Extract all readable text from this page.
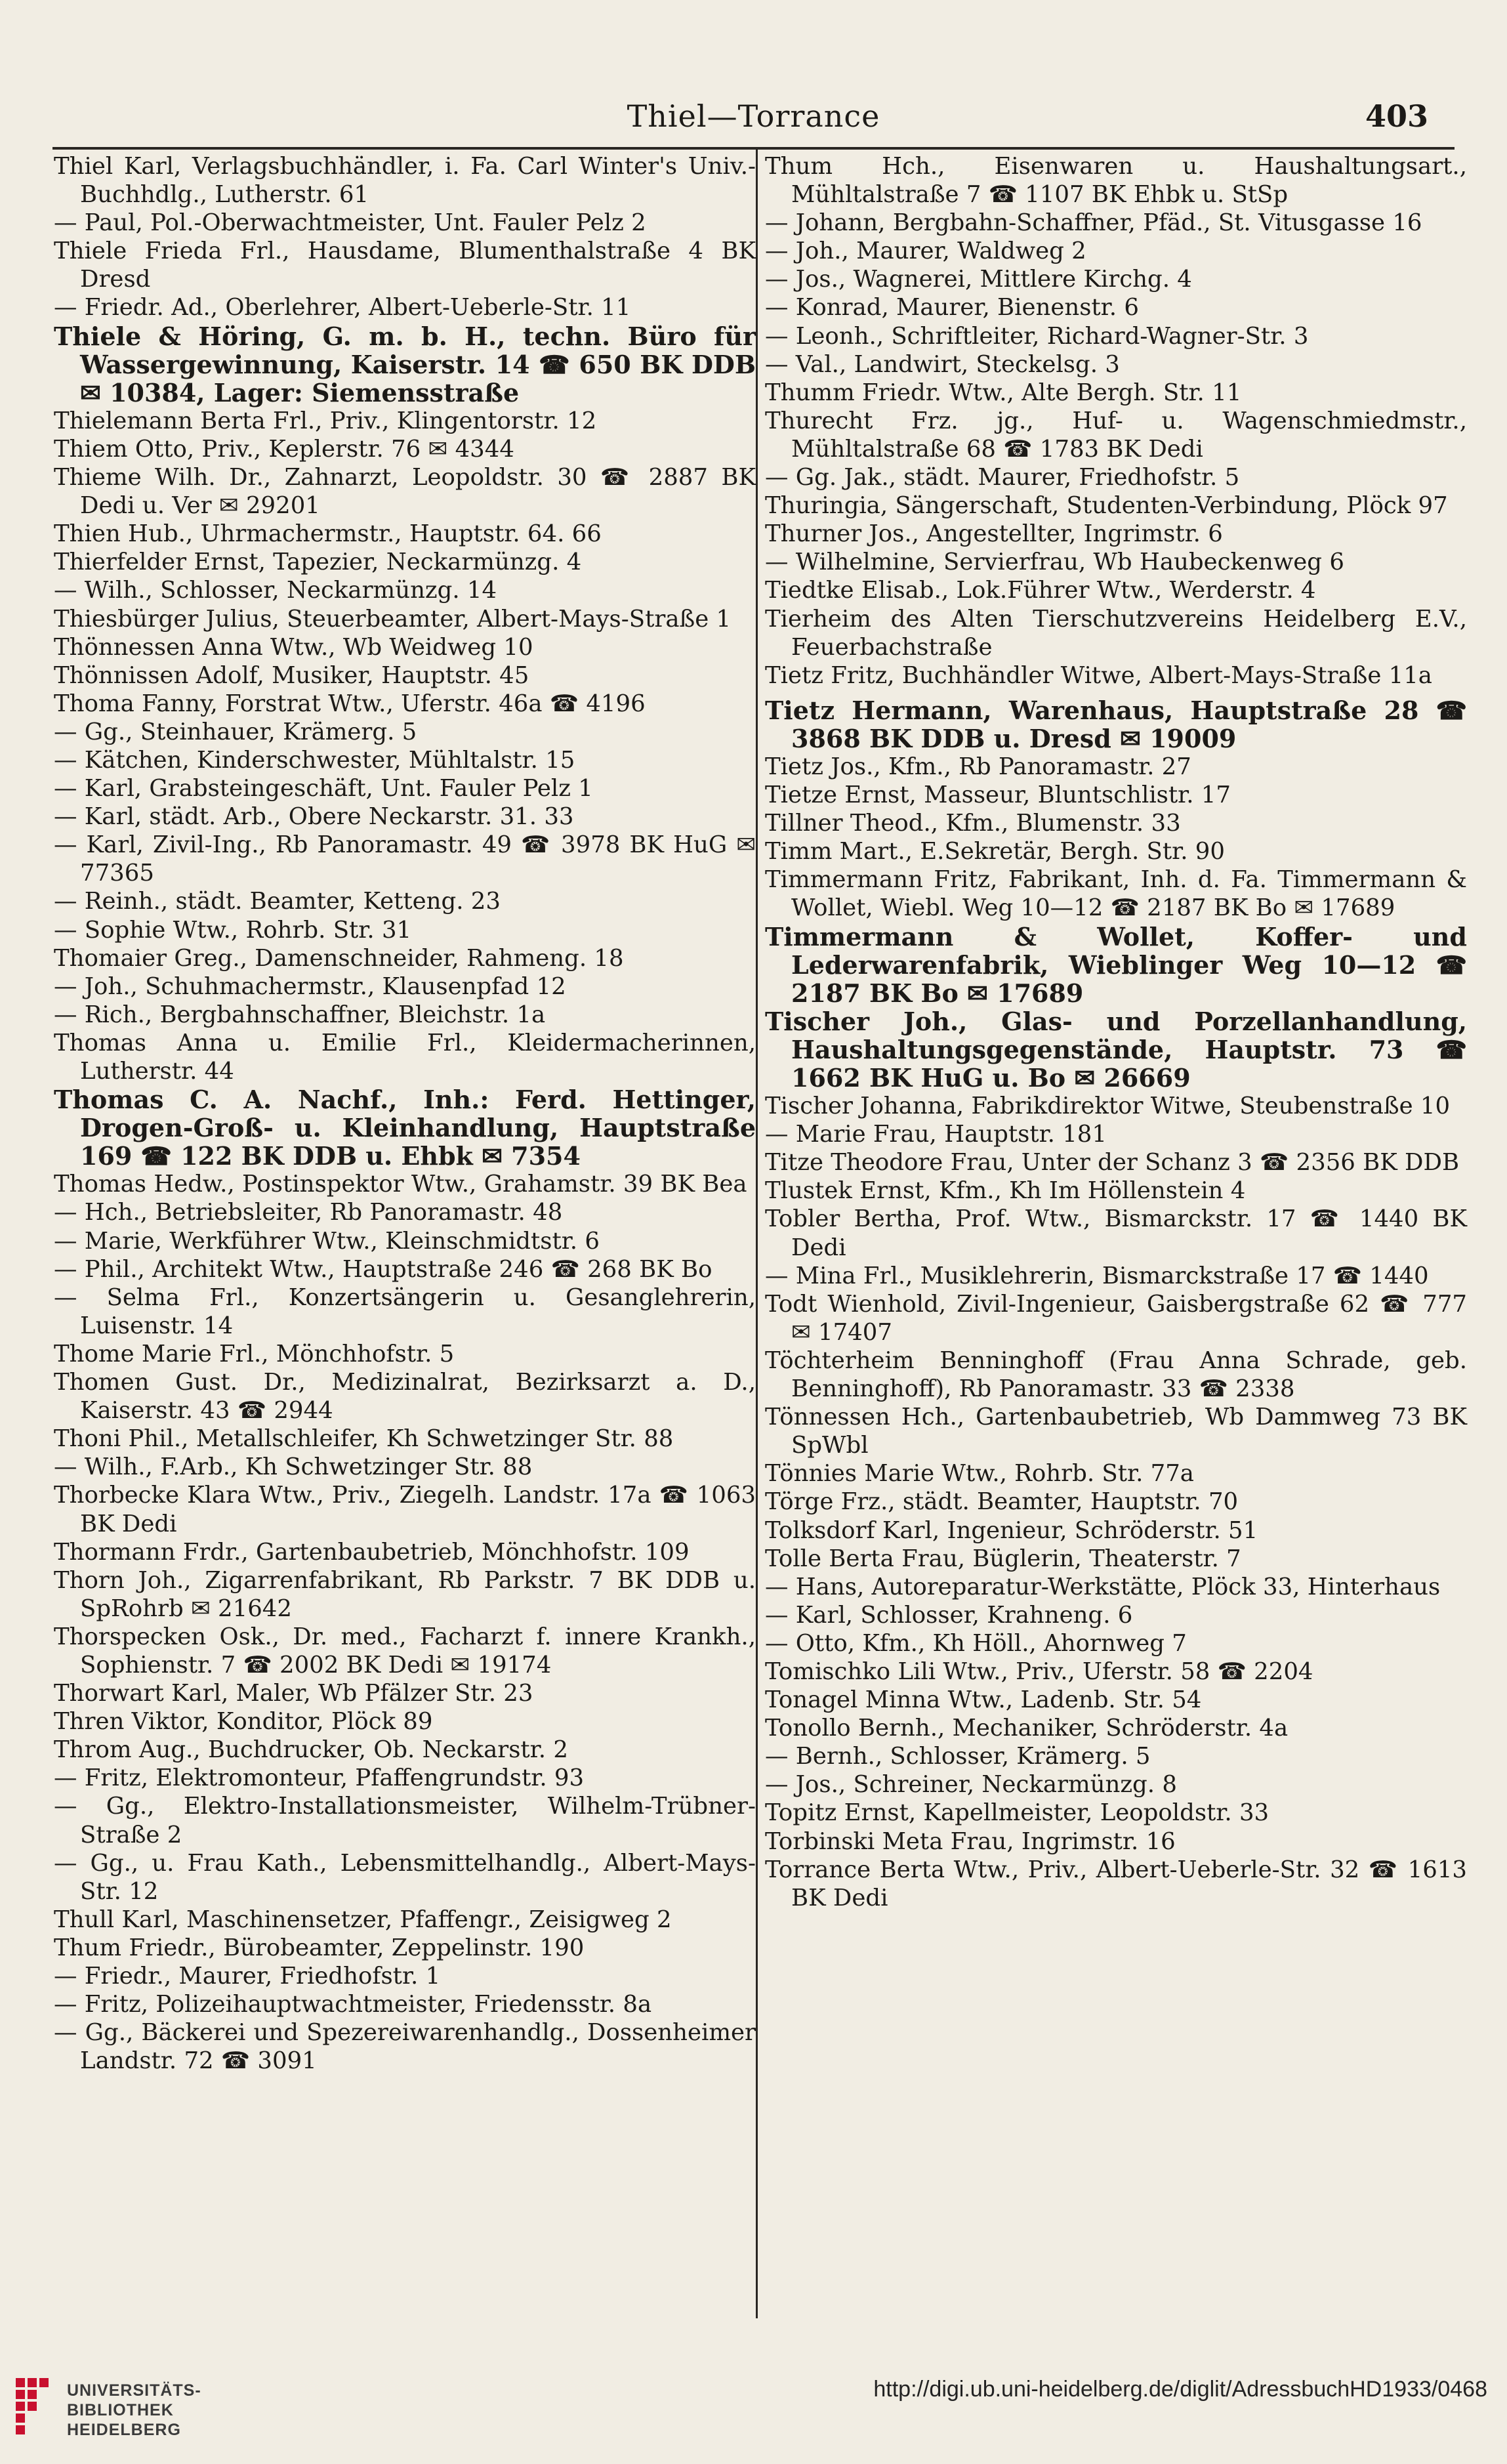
Thiel—Torrance	403
Thiel Karl, Verlagsbuchhändler, i. Fa. Carl Winter's Univ.-Buchhdlg., Lutherstr. 61
— Paul, Pol.-Oberwachtmeister, Unt. Fauler Pelz 2
Thiele Frieda Frl., Hausdame, Blumenthalstraße 4 BK Dresd
— Friedr. Ad., Oberlehrer, Albert-Ueberle-Str. 11
Thiele & Höring, G. m. b. H., techn. Büro für Wassergewinnung, Kaiserstr. 14 ☎ 650 BK DDB ✉ 10384, Lager: Siemensstraße
Thielemann Berta Frl., Priv., Klingentorstr. 12
Thiem Otto, Priv., Keplerstr. 76 ✉ 4344
Thieme Wilh. Dr., Zahnarzt, Leopoldstr. 30 ☎ 2887 BK Dedi u. Ver ✉ 29201
Thien Hub., Uhrmachermstr., Hauptstr. 64. 66
Thierfelder Ernst, Tapezier, Neckarmünzg. 4
— Wilh., Schlosser, Neckarmünzg. 14
Thiesbürger Julius, Steuerbeamter, Albert-Mays-Straße 1
Thönnessen Anna Wtw., Wb Weidweg 10
Thönnissen Adolf, Musiker, Hauptstr. 45
Thoma Fanny, Forstrat Wtw., Uferstr. 46a ☎ 4196
— Gg., Steinhauer, Krämerg. 5
— Kätchen, Kinderschwester, Mühltalstr. 15
— Karl, Grabsteingeschäft, Unt. Fauler Pelz 1
— Karl, städt. Arb., Obere Neckarstr. 31. 33
— Karl, Zivil-Ing., Rb Panoramastr. 49 ☎ 3978 BK HuG ✉ 77365
— Reinh., städt. Beamter, Ketteng. 23
— Sophie Wtw., Rohrb. Str. 31
Thomaier Greg., Damenschneider, Rahmeng. 18
— Joh., Schuhmachermstr., Klausenpfad 12
— Rich., Bergbahnschaffner, Bleichstr. 1a
Thomas Anna u. Emilie Frl., Kleidermacherinnen, Lutherstr. 44
Thomas C. A. Nachf., Inh.: Ferd. Hettinger, Drogen-Groß- u. Kleinhandlung, Hauptstraße 169 ☎ 122 BK DDB u. Ehbk ✉ 7354
Thomas Hedw., Postinspektor Wtw., Grahamstr. 39 BK Bea
— Hch., Betriebsleiter, Rb Panoramastr. 48
— Marie, Werkführer Wtw., Kleinschmidtstr. 6
— Phil., Architekt Wtw., Hauptstraße 246 ☎ 268 BK Bo
— Selma Frl., Konzertsängerin u. Gesanglehrerin, Luisenstr. 14
Thome Marie Frl., Mönchhofstr. 5
Thomen Gust. Dr., Medizinalrat, Bezirksarzt a. D., Kaiserstr. 43 ☎ 2944
Thoni Phil., Metallschleifer, Kh Schwetzinger Str. 88
— Wilh., F.Arb., Kh Schwetzinger Str. 88
Thorbecke Klara Wtw., Priv., Ziegelh. Landstr. 17a ☎ 1063 BK Dedi
Thormann Frdr., Gartenbaubetrieb, Mönchhofstr. 109
Thorn Joh., Zigarrenfabrikant, Rb Parkstr. 7 BK DDB u. SpRohrb ✉ 21642
Thorspecken Osk., Dr. med., Facharzt f. innere Krankh., Sophienstr. 7 ☎ 2002 BK Dedi ✉ 19174
Thorwart Karl, Maler, Wb Pfälzer Str. 23
Thren Viktor, Konditor, Plöck 89
Throm Aug., Buchdrucker, Ob. Neckarstr. 2
— Fritz, Elektromonteur, Pfaffengrundstr. 93
— Gg., Elektro-Installationsmeister, Wilhelm-Trübner-Straße 2
— Gg., u. Frau Kath., Lebensmittelhandlg., Albert-Mays-Str. 12
Thull Karl, Maschinensetzer, Pfaffengr., Zeisigweg 2
Thum Friedr., Bürobeamter, Zeppelinstr. 190
— Friedr., Maurer, Friedhofstr. 1
— Fritz, Polizeihauptwachtmeister, Friedensstr. 8a
— Gg., Bäckerei und Spezereiwarenhandlg., Dossenheimer Landstr. 72 ☎ 3091
Thum Hch., Eisenwaren u. Haushaltungsart., Mühltalstraße 7 ☎ 1107 BK Ehbk u. StSp
— Johann, Bergbahn-Schaffner, Pfäd., St. Vitusgasse 16
— Joh., Maurer, Waldweg 2
— Jos., Wagnerei, Mittlere Kirchg. 4
— Konrad, Maurer, Bienenstr. 6
— Leonh., Schriftleiter, Richard-Wagner-Str. 3
— Val., Landwirt, Steckelsg. 3
Thumm Friedr. Wtw., Alte Bergh. Str. 11
Thurecht Frz. jg., Huf- u. Wagenschmiedmstr., Mühltalstraße 68 ☎ 1783 BK Dedi
— Gg. Jak., städt. Maurer, Friedhofstr. 5
Thuringia, Sängerschaft, Studenten-Verbindung, Plöck 97
Thurner Jos., Angestellter, Ingrimstr. 6
— Wilhelmine, Servierfrau, Wb Haubeckenweg 6
Tiedtke Elisab., Lok.Führer Wtw., Werderstr. 4
Tierheim des Alten Tierschutzvereins Heidelberg E.V., Feuerbachstraße
Tietz Fritz, Buchhändler Witwe, Albert-Mays-Straße 11a
Tietz Hermann, Warenhaus, Hauptstraße 28 ☎ 3868 BK DDB u. Dresd ✉ 19009
Tietz Jos., Kfm., Rb Panoramastr. 27
Tietze Ernst, Masseur, Bluntschlistr. 17
Tillner Theod., Kfm., Blumenstr. 33
Timm Mart., E.Sekretär, Bergh. Str. 90
Timmermann Fritz, Fabrikant, Inh. d. Fa. Timmermann & Wollet, Wiebl. Weg 10—12 ☎ 2187 BK Bo ✉ 17689
Timmermann & Wollet, Koffer- und Lederwarenfabrik, Wieblinger Weg 10—12 ☎ 2187 BK Bo ✉ 17689
Tischer Joh., Glas- und Porzellanhandlung, Haushaltungsgegenstände, Hauptstr. 73 ☎ 1662 BK HuG u. Bo ✉ 26669
Tischer Johanna, Fabrikdirektor Witwe, Steubenstraße 10
— Marie Frau, Hauptstr. 181
Titze Theodore Frau, Unter der Schanz 3 ☎ 2356 BK DDB
Tlustek Ernst, Kfm., Kh Im Höllenstein 4
Tobler Bertha, Prof. Wtw., Bismarckstr. 17 ☎ 1440 BK Dedi
— Mina Frl., Musiklehrerin, Bismarckstraße 17 ☎ 1440
Todt Wienhold, Zivil-Ingenieur, Gaisbergstraße 62 ☎ 777 ✉ 17407
Töchterheim Benninghoff (Frau Anna Schrade, geb. Benninghoff), Rb Panoramastr. 33 ☎ 2338
Tönnessen Hch., Gartenbaubetrieb, Wb Dammweg 73 BK SpWbl
Tönnies Marie Wtw., Rohrb. Str. 77a
Törge Frz., städt. Beamter, Hauptstr. 70
Tolksdorf Karl, Ingenieur, Schröderstr. 51
Tolle Berta Frau, Büglerin, Theaterstr. 7
— Hans, Autoreparatur-Werkstätte, Plöck 33, Hinterhaus
— Karl, Schlosser, Krahneng. 6
— Otto, Kfm., Kh Höll., Ahornweg 7
Tomischko Lili Wtw., Priv., Uferstr. 58 ☎ 2204
Tonagel Minna Wtw., Ladenb. Str. 54
Tonollo Bernh., Mechaniker, Schröderstr. 4a
— Bernh., Schlosser, Krämerg. 5
— Jos., Schreiner, Neckarmünzg. 8
Topitz Ernst, Kapellmeister, Leopoldstr. 33
Torbinski Meta Frau, Ingrimstr. 16
Torrance Berta Wtw., Priv., Albert-Ueberle-Str. 32 ☎ 1613 BK Dedi
UNIVERSITÄTS-
BIBLIOTHEK
HEIDELBERG
http://digi.ub.uni-heidelberg.de/diglit/AdressbuchHD1933/0468
